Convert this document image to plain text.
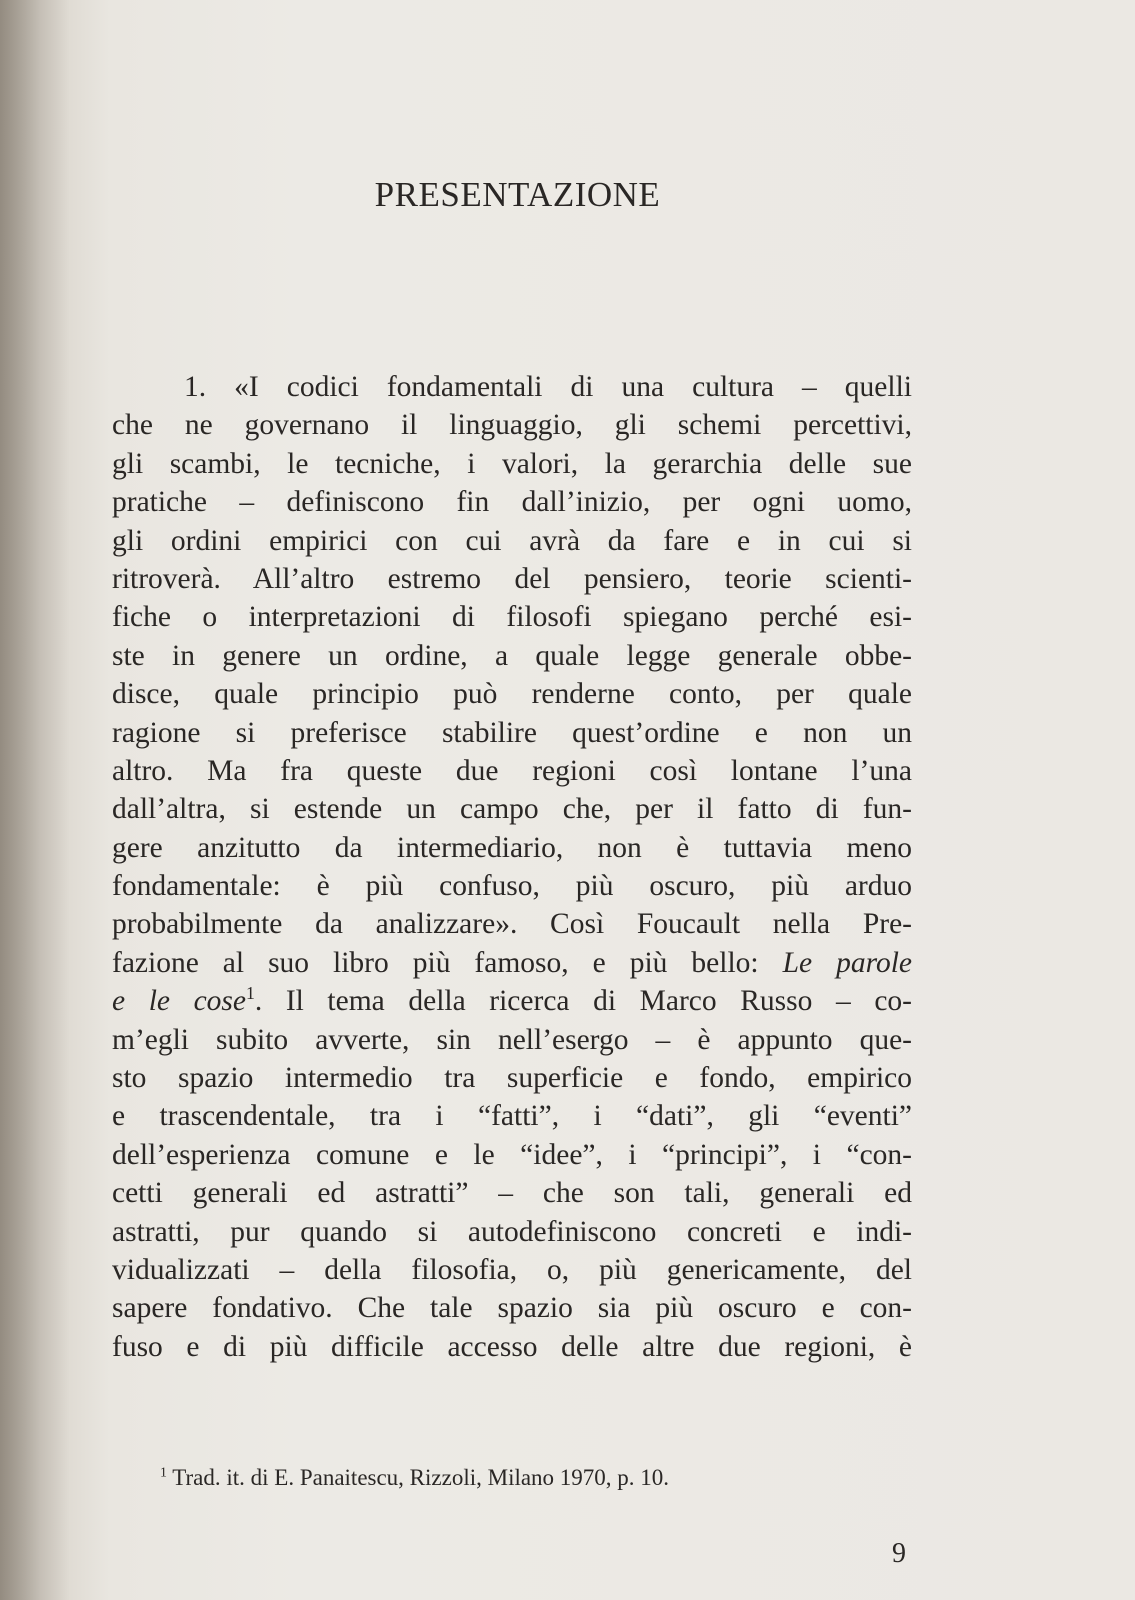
PRESENTAZIONE
1. «I codici fondamentali di una cultura – quelli
che ne governano il linguaggio, gli schemi percettivi,
gli scambi, le tecniche, i valori, la gerarchia delle sue
pratiche – definiscono fin dall’inizio, per ogni uomo,
gli ordini empirici con cui avrà da fare e in cui si
ritroverà. All’altro estremo del pensiero, teorie scienti-
fiche o interpretazioni di filosofi spiegano perché esi-
ste in genere un ordine, a quale legge generale obbe-
disce, quale principio può renderne conto, per quale
ragione si preferisce stabilire quest’ordine e non un
altro. Ma fra queste due regioni così lontane l’una
dall’altra, si estende un campo che, per il fatto di fun-
gere anzitutto da intermediario, non è tuttavia meno
fondamentale: è più confuso, più oscuro, più arduo
probabilmente da analizzare». Così Foucault nella Pre-
fazione al suo libro più famoso, e più bello: Le parole
e le cose$^1$. Il tema della ricerca di Marco Russo – co-
m’egli subito avverte, sin nell’esergo – è appunto que-
sto spazio intermedio tra superficie e fondo, empirico
e trascendentale, tra i “fatti”, i “dati”, gli “eventi”
dell’esperienza comune e le “idee”, i “principi”, i “con-
cetti generali ed astratti” – che son tali, generali ed
astratti, pur quando si autodefiniscono concreti e indi-
vidualizzati – della filosofia, o, più genericamente, del
sapere fondativo. Che tale spazio sia più oscuro e con-
fuso e di più difficile accesso delle altre due regioni, è

$^1$ Trad. it. di E. Panaitescu, Rizzoli, Milano 1970, p. 10.

9
